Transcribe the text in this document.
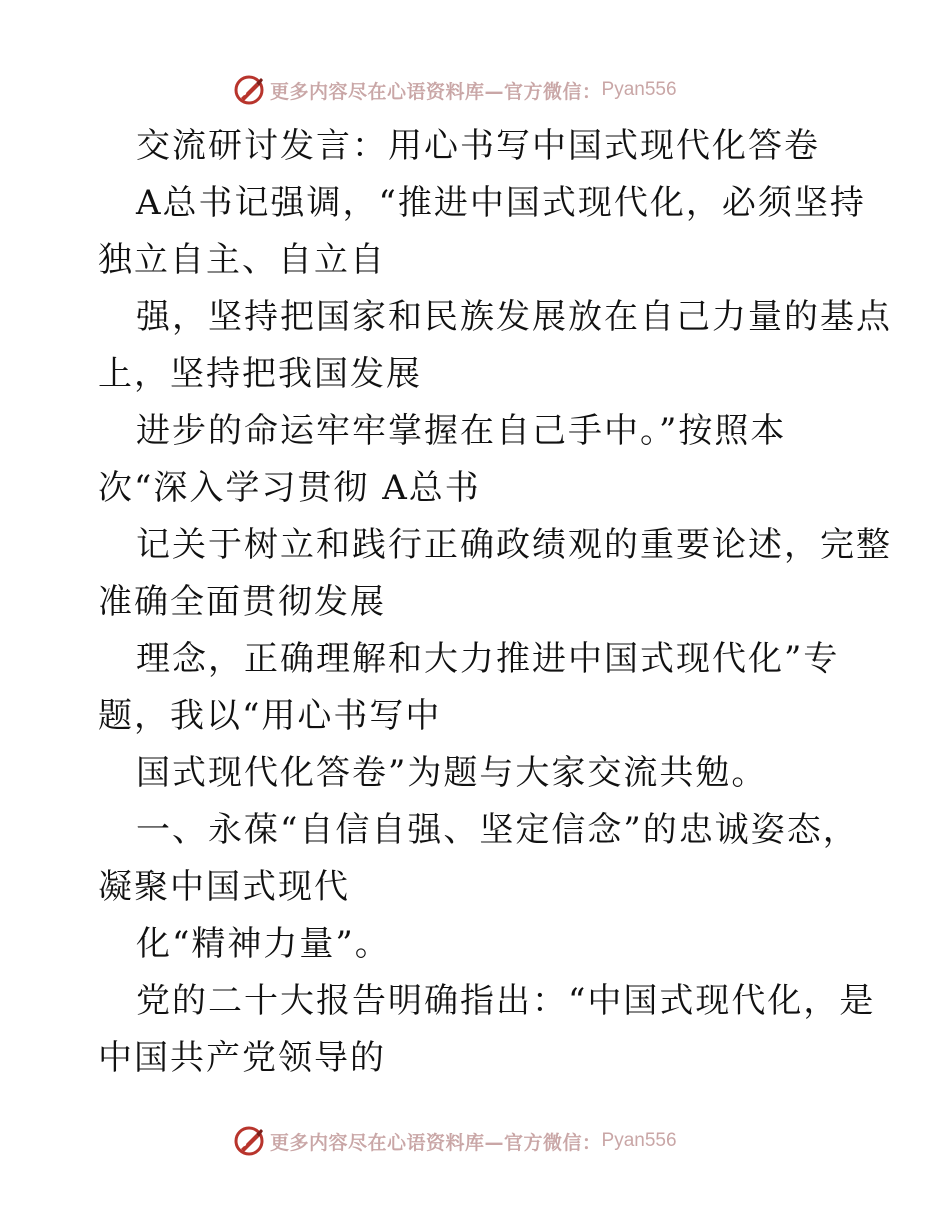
更多内容尽在心语资料库 —官方微信： Pyan556
交流研讨发言：用心书写中国式现代化答卷
A总书记强调，“推进中国式现代化，必须坚持
独立自主、自立自
强，坚持把国家和民族发展放在自己力量的基点
上，坚持把我国发展
进步的命运牢牢掌握在自己手中。”按照本
次“深入学习贯彻 A总书
记关于树立和践行正确政绩观的重要论述，完整
准确全面贯彻发展
理念，正确理解和大力推进中国式现代化”专
题，我以“用心书写中
国式现代化答卷”为题与大家交流共勉。
一、永葆“自信自强、坚定信念”的忠诚姿态，
凝聚中国式现代
化“精神力量”。
党的二十大报告明确指出：“中国式现代化，是
中国共产党领导的
更多内容尽在心语资料库 —官方微信： Pyan556
